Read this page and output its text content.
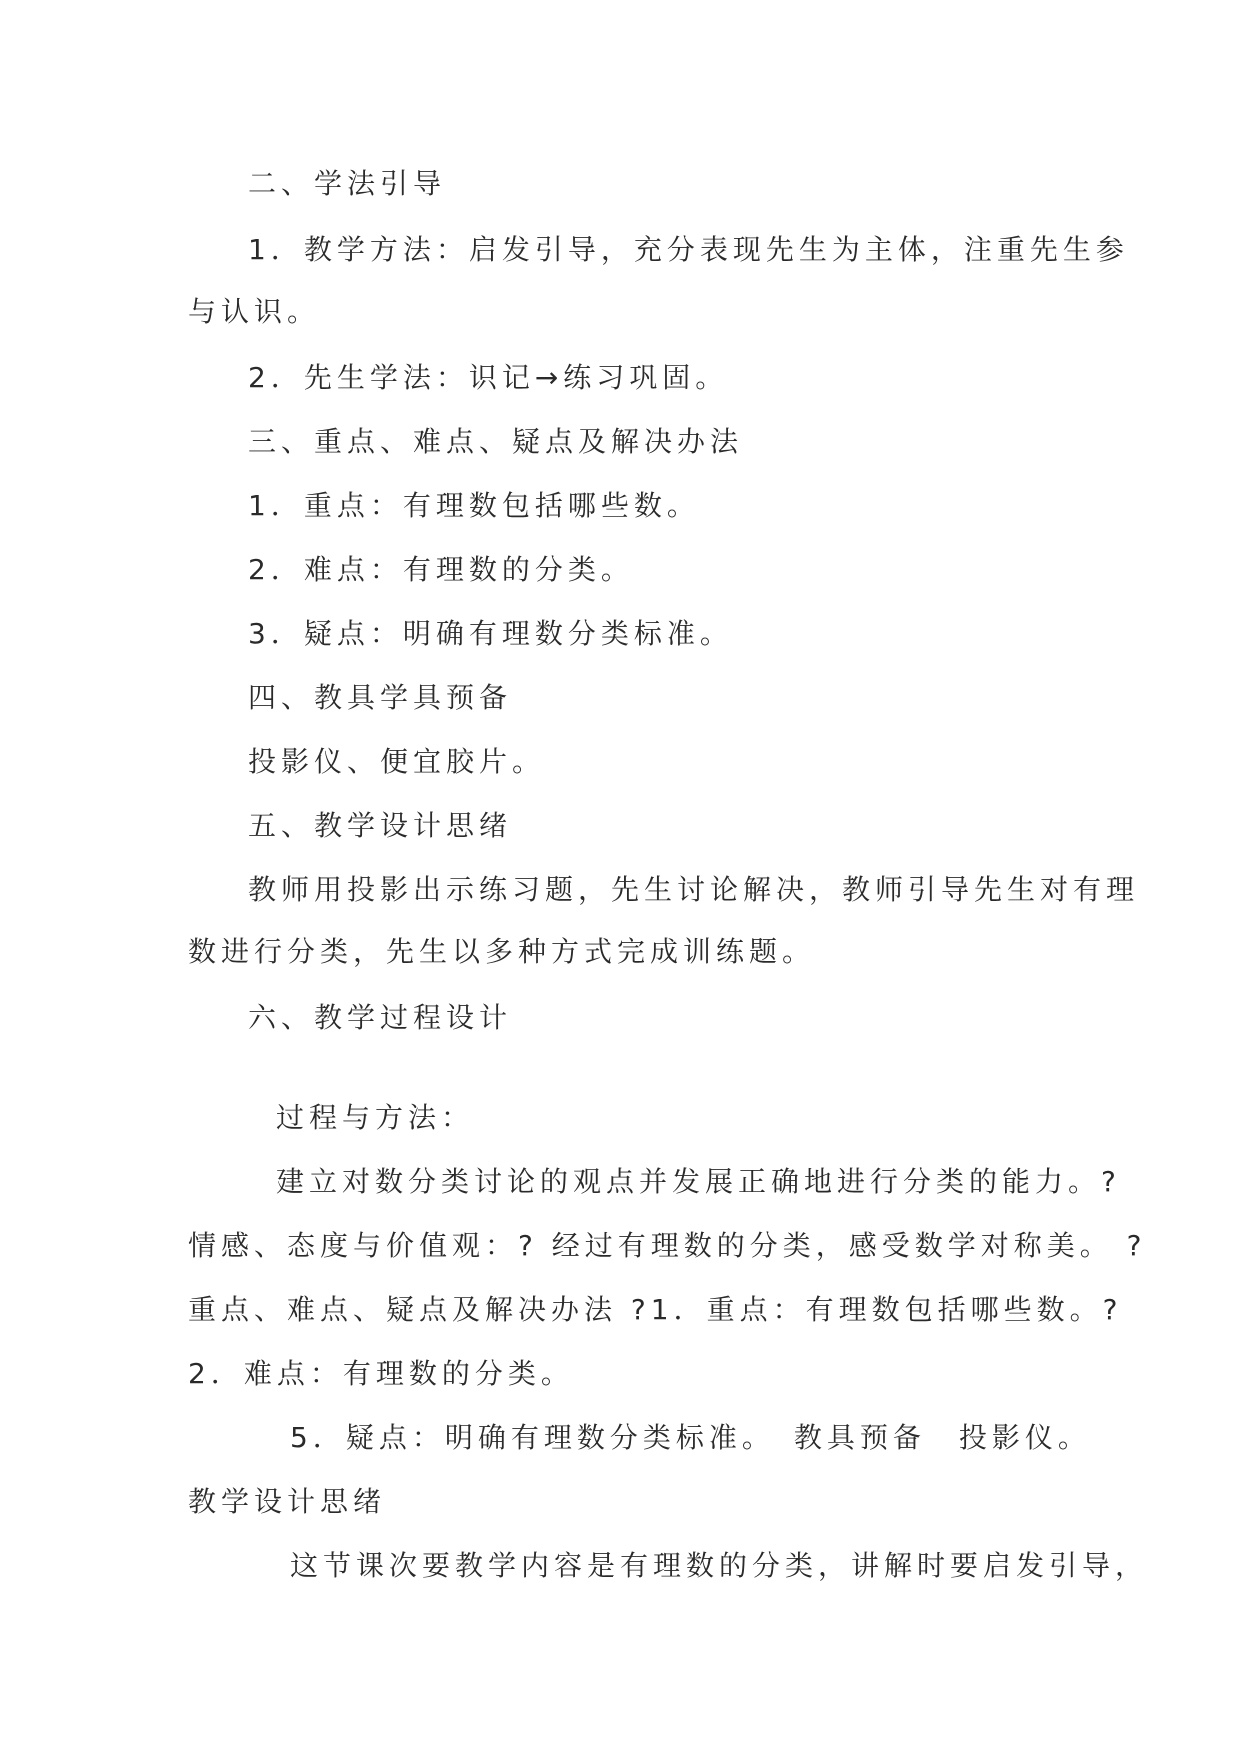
二、学法引导
1．教学方法：启发引导，充分表现先生为主体，注重先生参
与认识。
2．先生学法：识记→练习巩固。
三、重点、难点、疑点及解决办法
1．重点：有理数包括哪些数。
2．难点：有理数的分类。
3．疑点：明确有理数分类标准。
四、教具学具预备
投影仪、便宜胶片。
五、教学设计思绪
教师用投影出示练习题，先生讨论解决，教师引导先生对有理
数进行分类，先生以多种方式完成训练题。
六、教学过程设计
过程与方法：
建立对数分类讨论的观点并发展正确地进行分类的能力。?
情感、态度与价值观：? 经过有理数的分类，感受数学对称美。 ?
重点、难点、疑点及解决办法 ?1．重点：有理数包括哪些数。?
2．难点：有理数的分类。
5．疑点：明确有理数分类标准。　教具预备　投影仪。
教学设计思绪
这节课次要教学内容是有理数的分类，讲解时要启发引导，
